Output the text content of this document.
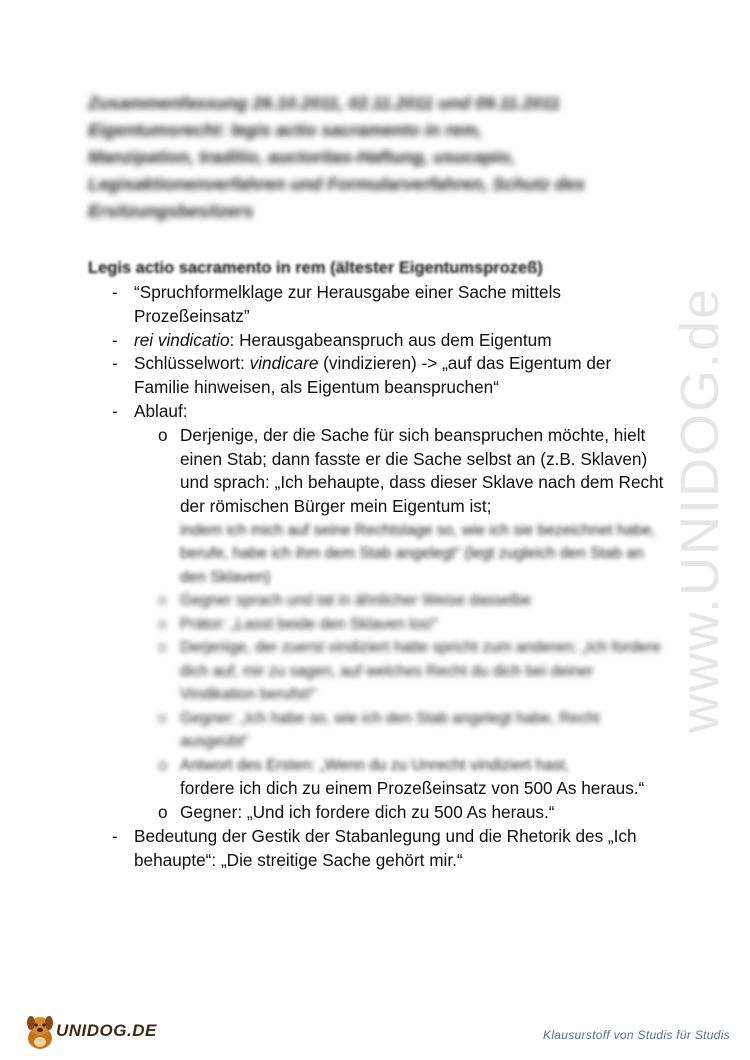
Zusammenfassung 26.10.2011, 02.11.2011 und 09.11.2011
Eigentumsrecht: legis actio sacramento in rem,
Manzipation, traditio, auctoritas-Haftung, usucapio,
Legisaktionenverfahren und Formularverfahren, Schutz des
Ersitzungsbesitzers
Legis actio sacramento in rem (ältester Eigentumsprozeß)
- “Spruchformelklage zur Herausgabe einer Sache mittels Prozeßeinsatz”
- rei vindicatio: Herausgabeanspruch aus dem Eigentum
- Schlüsselwort: vindicare (vindizieren) -> „auf das Eigentum der Familie hinweisen, als Eigentum beanspruchen“
- Ablauf:
o Derjenige, der die Sache für sich beanspruchen möchte, hielt einen Stab; dann fasste er die Sache selbst an (z.B. Sklaven) und sprach: „Ich behaupte, dass dieser Sklave nach dem Recht der römischen Bürger mein Eigentum ist;
indem ich mich auf seine Rechtslage so, wie ich sie bezeichnet habe, berufe, habe ich ihm dem Stab angelegt“ (legt zugleich den Stab an den Sklaven)
o Gegner sprach und tat in ähnlicher Weise dasselbe
o Prätor: „Lasst beide den Sklaven los!“
o Derjenige, der zuerst vindiziert hatte spricht zum anderen: „Ich fordere dich auf, mir zu sagen, auf welches Recht du dich bei deiner Vindikation berufst!“
o Gegner: „Ich habe so, wie ich den Stab angelegt habe, Recht ausgeübt“
o Antwort des Ersten: „Wenn du zu Unrecht vindiziert hast,
fordere ich dich zu einem Prozeßeinsatz von 500 As heraus.“
o Gegner: „Und ich fordere dich zu 500 As heraus.“
- Bedeutung der Gestik der Stabanlegung und die Rhetorik des „Ich behaupte“: „Die streitige Sache gehört mir.“
www.UNIDOG.de
UNIDOG.DE	Klausurstoff von Studis für Studis
